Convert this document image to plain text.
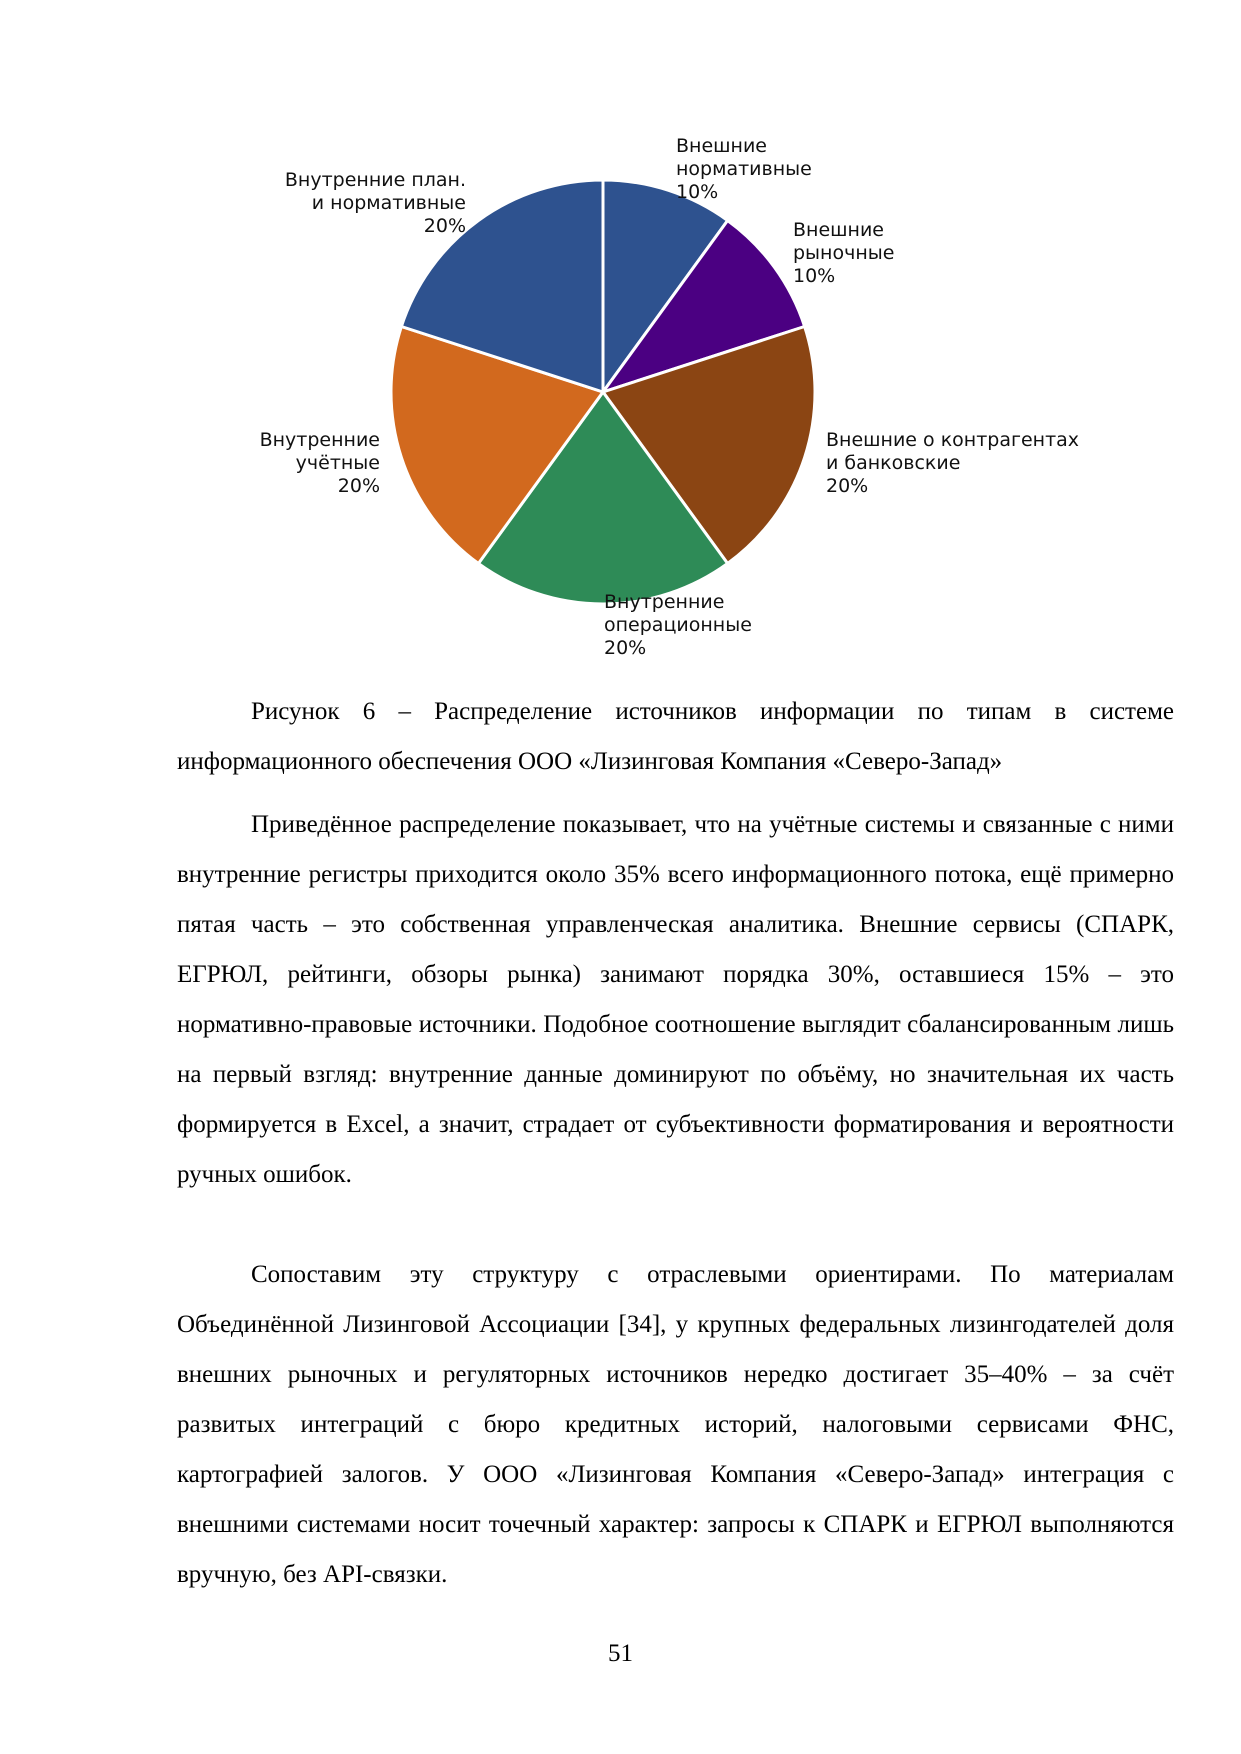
Внешние нормативные 10%
Внешние рыночные 10%
Внешние о контрагентах и банковские 20%
Внутренние операционные 20%
Внутренние учётные 20%
Внутренние план. и нормативные 20%

Рисунок 6 – Распределение источников информации по типам в системе информационного обеспечения ООО «Лизинговая Компания «Северо-Запад»

Приведённое распределение показывает, что на учётные системы и связанные с ними внутренние регистры приходится около 35% всего информационного потока, ещё примерно пятая часть – это собственная управленческая аналитика. Внешние сервисы (СПАРК, ЕГРЮЛ, рейтинги, обзоры рынка) занимают порядка 30%, оставшиеся 15% – это нормативно-правовые источники. Подобное соотношение выглядит сбалансированным лишь на первый взгляд: внутренние данные доминируют по объёму, но значительная их часть формируется в Excel, а значит, страдает от субъективности форматирования и вероятности ручных ошибок.

Сопоставим эту структуру с отраслевыми ориентирами. По материалам Объединённой Лизинговой Ассоциации [34], у крупных федеральных лизингодателей доля внешних рыночных и регуляторных источников нередко достигает 35–40% – за счёт развитых интеграций с бюро кредитных историй, налоговыми сервисами ФНС, картографией залогов. У ООО «Лизинговая Компания «Северо-Запад» интеграция с внешними системами носит точечный характер: запросы к СПАРК и ЕГРЮЛ выполняются вручную, без API-связки.

51
